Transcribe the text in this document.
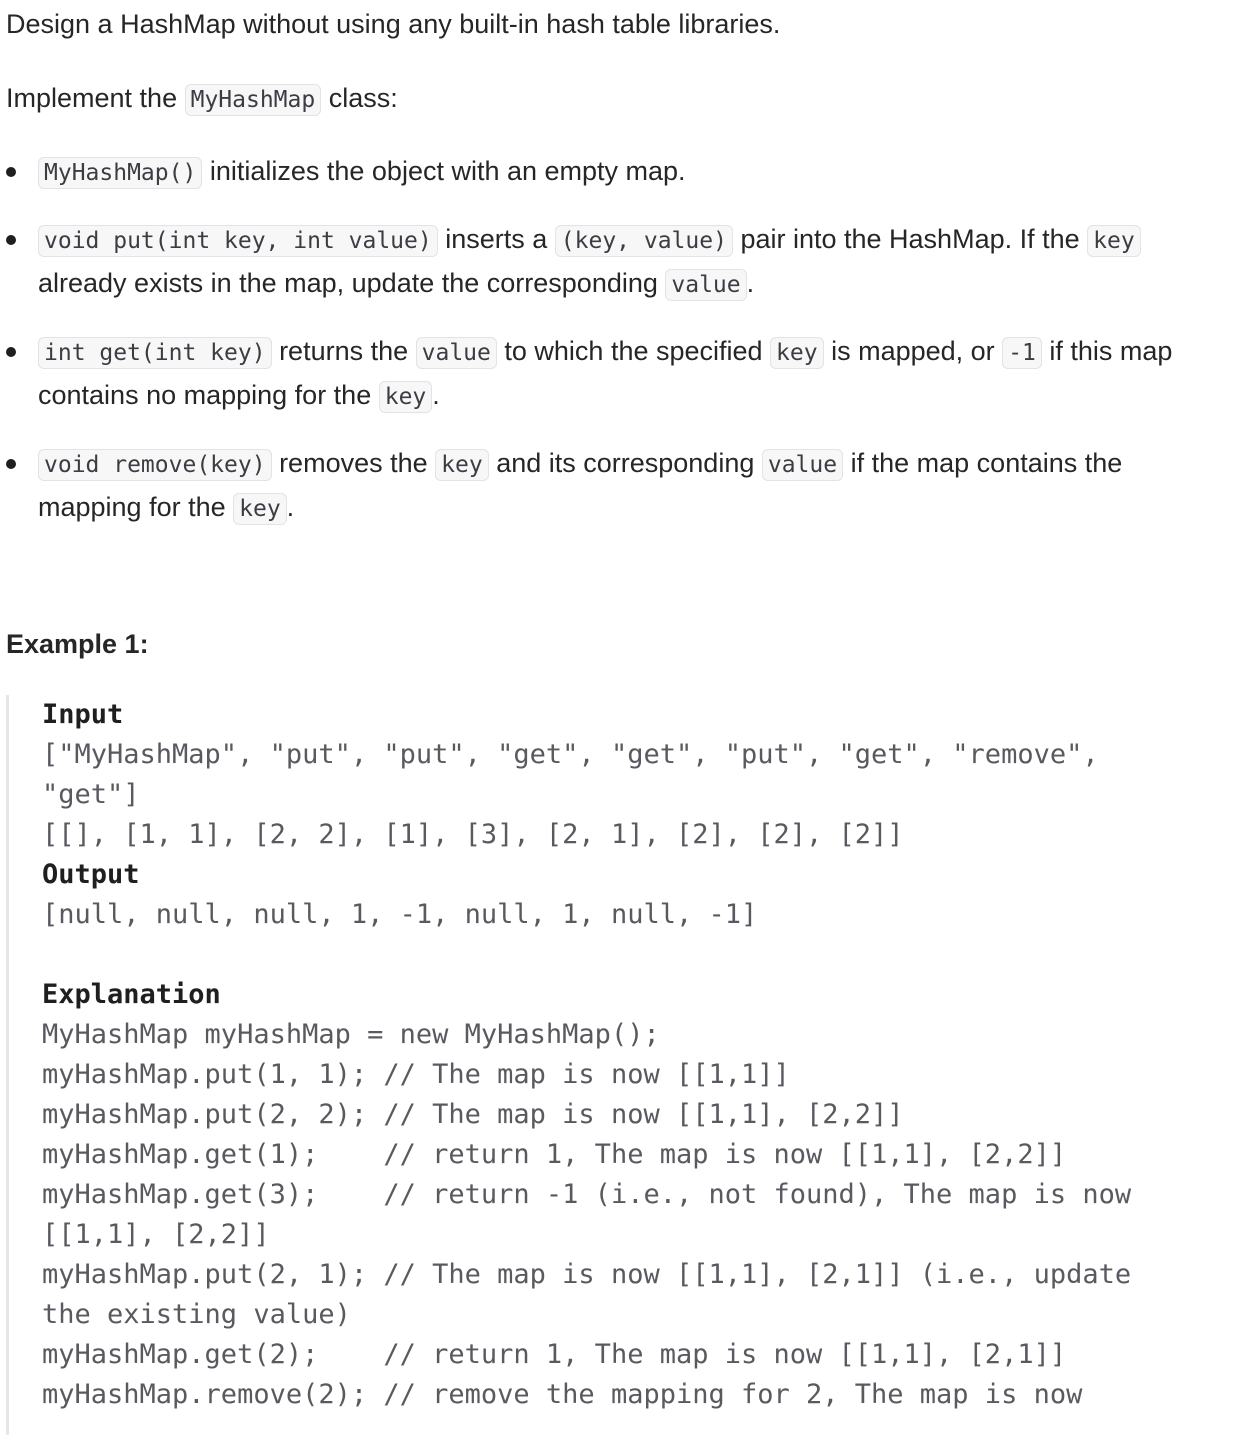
Design a HashMap without using any built-in hash table libraries.

Implement the MyHashMap class:

MyHashMap() initializes the object with an empty map.
void put(int key, int value) inserts a (key, value) pair into the HashMap. If the key already exists in the map, update the corresponding value .
int get(int key) returns the value to which the specified key is mapped, or -1 if this map contains no mapping for the key .
void remove(key) removes the key and its corresponding value if the map contains the mapping for the key .

Example 1:

Input
["MyHashMap", "put", "put", "get", "get", "put", "get", "remove",
"get"]
[[], [1, 1], [2, 2], [1], [3], [2, 1], [2], [2], [2]]
Output
[null, null, null, 1, -1, null, 1, null, -1]
Explanation
MyHashMap myHashMap = new MyHashMap();
myHashMap.put(1, 1); // The map is now [[1,1]]
myHashMap.put(2, 2); // The map is now [[1,1], [2,2]]
myHashMap.get(1);    // return 1, The map is now [[1,1], [2,2]]
myHashMap.get(3);    // return -1 (i.e., not found), The map is now
[[1,1], [2,2]]
myHashMap.put(2, 1); // The map is now [[1,1], [2,1]] (i.e., update
the existing value)
myHashMap.get(2);    // return 1, The map is now [[1,1], [2,1]]
myHashMap.remove(2); // remove the mapping for 2, The map is now
